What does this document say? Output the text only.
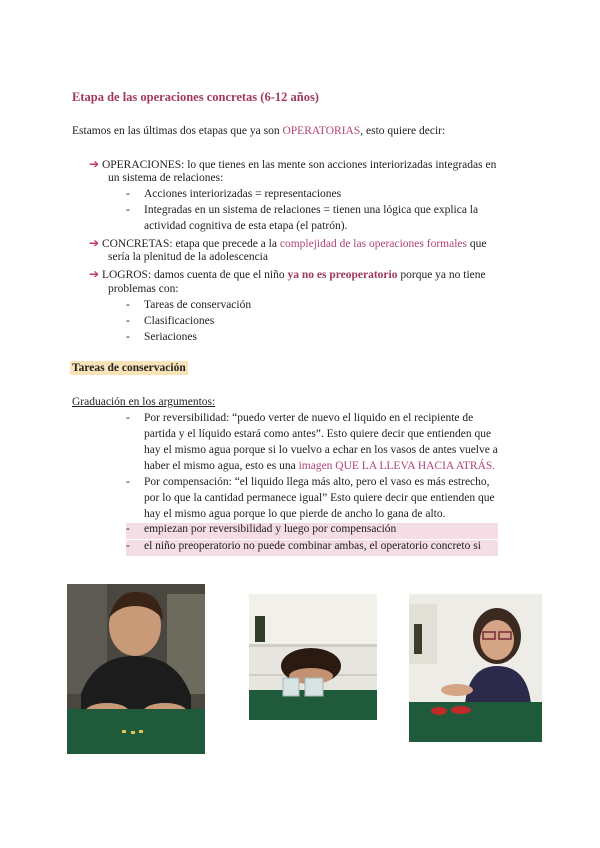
Etapa de las operaciones concretas (6-12 años)
Estamos en las últimas dos etapas que ya son OPERATORIAS, esto quiere decir:
➔ OPERACIONES: lo que tienes en las mente son acciones interiorizadas integradas en
un sistema de relaciones:
- Acciones interiorizadas = representaciones
- Integradas en un sistema de relaciones = tienen una lógica que explica la
actividad cognitiva de esta etapa (el patrón).
➔ CONCRETAS: etapa que precede a la complejidad de las operaciones formales que
sería la plenitud de la adolescencia
➔ LOGROS: damos cuenta de que el niño ya no es preoperatorio porque ya no tiene
problemas con:
- Tareas de conservación
- Clasificaciones
- Seriaciones
Tareas de conservación
Graduación en los argumentos:
- Por reversibilidad: “puedo verter de nuevo el liquido en el recipiente de
partida y el líquido estará como antes”. Esto quiere decir que entienden que
hay el mismo agua porque si lo vuelvo a echar en los vasos de antes vuelve a
haber el mismo agua, esto es una imagen QUE LA LLEVA HACIA ATRÁS.
- Por compensación: “el liquido llega más alto, pero el vaso es más estrecho,
por lo que la cantidad permanece igual” Esto quiere decir que entienden que
hay el mismo agua porque lo que pierde de ancho lo gana de alto.
- empiezan por reversibilidad y luego por compensación
- el niño preoperatorio no puede combinar ambas, el operatorio concreto si
